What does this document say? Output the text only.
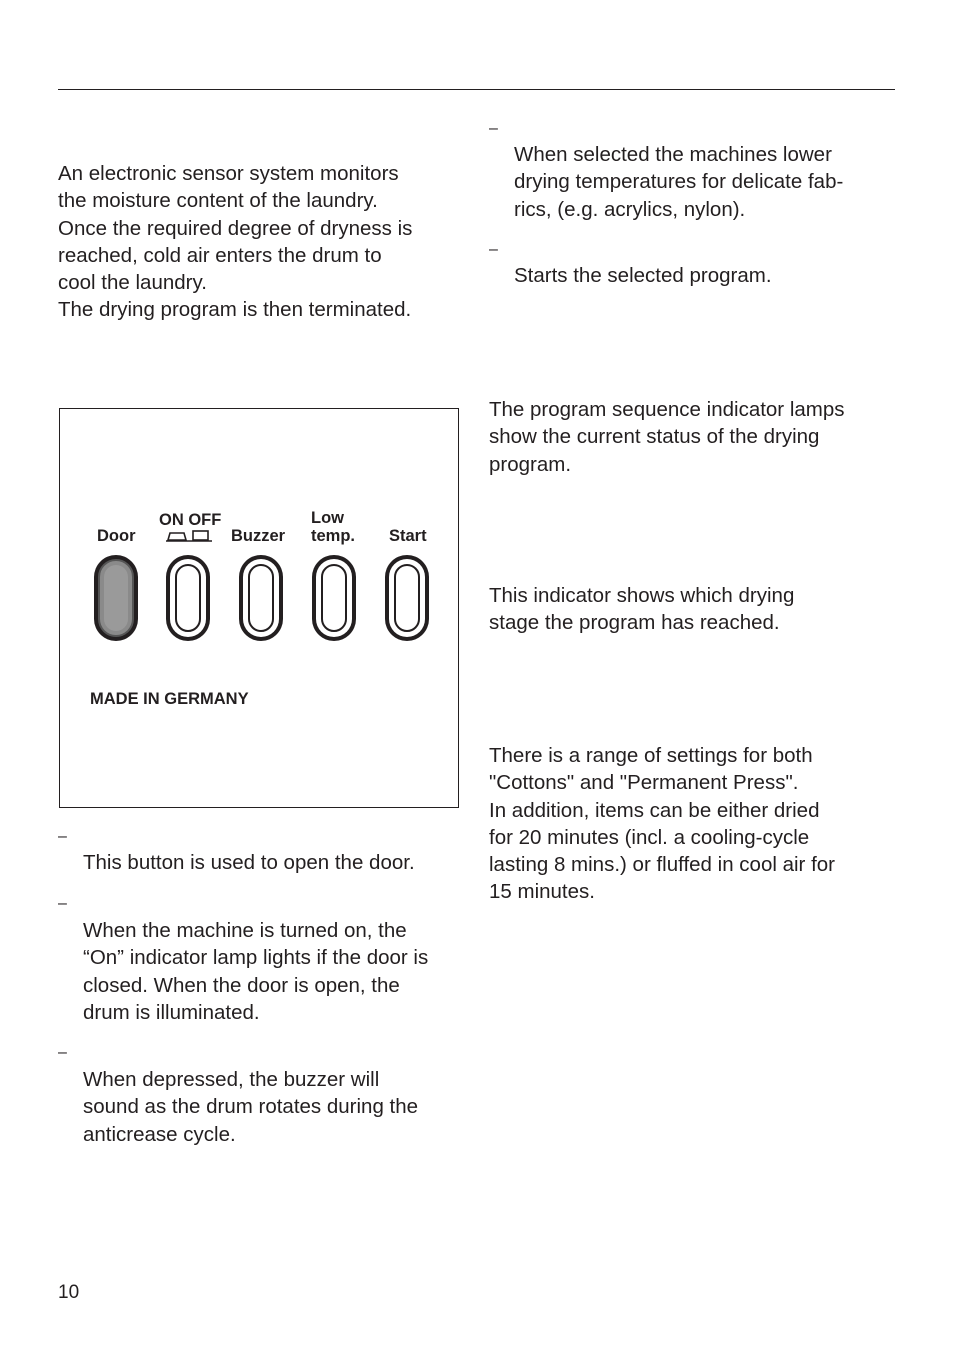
An electronic sensor system monitors
the moisture content of the laundry.
Once the required degree of dryness is
reached, cold air enters the drum to
cool the laundry.
The drying program is then terminated.
Door
ON OFF
Buzzer
Low
temp. Start
MADE IN GERMANY
–
This button is used to open the door.
–
When the machine is turned on, the
“On” indicator lamp lights if the door is
closed. When the door is open, the
drum is illuminated.
–
When depressed, the buzzer will
sound as the drum rotates during the
anticrease cycle.
–
When selected the machines lower
drying temperatures for delicate fab-
rics, (e.g. acrylics, nylon).
–
Starts the selected program.
The program sequence indicator lamps
show the current status of the drying
program.
This indicator shows which drying
stage the program has reached.
There is a range of settings for both
"Cottons" and "Permanent Press".
In addition, items can be either dried
for 20 minutes (incl. a cooling-cycle
lasting 8 mins.) or fluffed in cool air for
15 minutes.
10
